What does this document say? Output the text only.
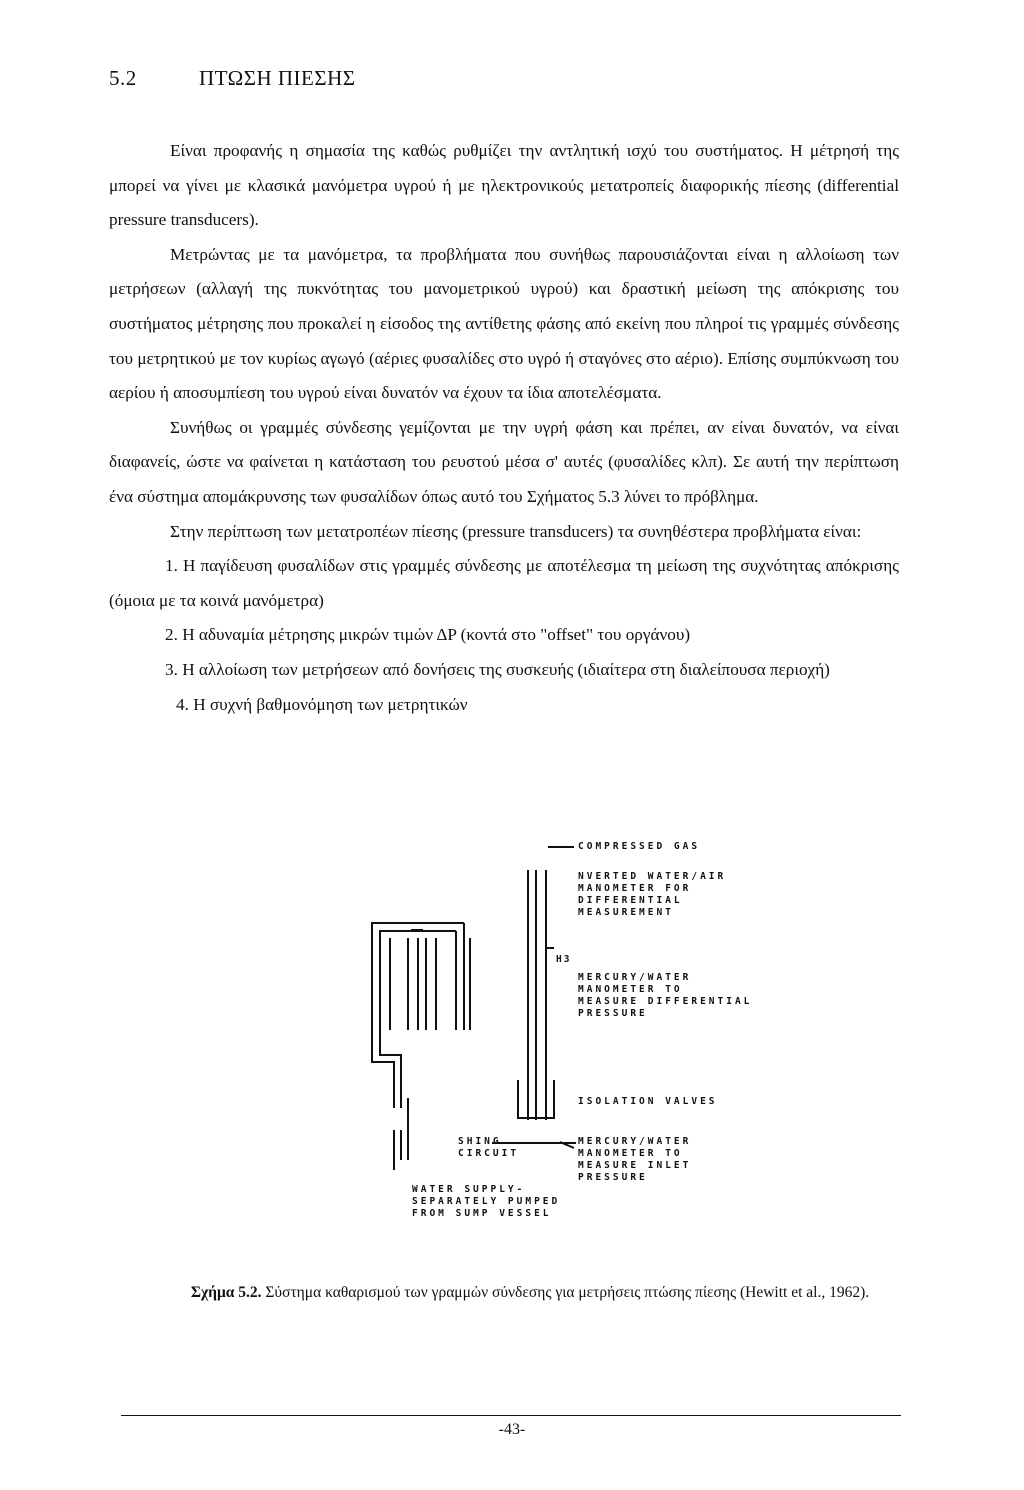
5.2	ΠΤΩΣΗ ΠΙΕΣΗΣ

Είναι προφανής η σημασία της καθώς ρυθμίζει την αντλητική ισχύ του συστήματος. Η μέτρησή της μπορεί να γίνει με κλασικά μανόμετρα υγρού ή με ηλεκτρονικούς μετατροπείς διαφορικής πίεσης (differential pressure transducers).

Μετρώντας με τα μανόμετρα, τα προβλήματα που συνήθως παρουσιάζονται είναι η αλλοίωση των μετρήσεων (αλλαγή της πυκνότητας του μανομετρικού υγρού) και δραστική μείωση της απόκρισης του συστήματος μέτρησης που προκαλεί η είσοδος της αντίθετης φάσης από εκείνη που πληροί τις γραμμές σύνδεσης του μετρητικού με τον κυρίως αγωγό (αέριες φυσαλίδες στο υγρό ή σταγόνες στο αέριο). Επίσης συμπύκνωση του αερίου ή αποσυμπίεση του υγρού είναι δυνατόν να έχουν τα ίδια αποτελέσματα.

Συνήθως οι γραμμές σύνδεσης γεμίζονται με την υγρή φάση και πρέπει, αν είναι δυνατόν, να είναι διαφανείς, ώστε να φαίνεται η κατάσταση του ρευστού μέσα σ' αυτές (φυσαλίδες κλπ). Σε αυτή την περίπτωση ένα σύστημα απομάκρυνσης των φυσαλίδων όπως αυτό του Σχήματος 5.3 λύνει το πρόβλημα.

Στην περίπτωση των μετατροπέων πίεσης (pressure transducers) τα συνηθέστερα προβλήματα είναι:

1. Η παγίδευση φυσαλίδων στις γραμμές σύνδεσης με αποτέλεσμα τη μείωση της συχνότητας απόκρισης (όμοια με τα κοινά μανόμετρα)

2. Η αδυναμία μέτρησης μικρών τιμών ΔP (κοντά στο "offset" του οργάνου)

3. Η αλλοίωση των μετρήσεων από δονήσεις της συσκευής (ιδιαίτερα στη διαλείπουσα περιοχή)

4. Η συχνή βαθμονόμηση των μετρητικών

COMPRESSED GAS
NVERTED WATER/AIR
MANOMETER FOR
DIFFERENTIAL
MEASUREMENT
H3
MERCURY/WATER
MANOMETER TO
MEASURE DIFFERENTIAL
PRESSURE
ISOLATION VALVES
SHING
CIRCUIT
MERCURY/WATER
MANOMETER TO
MEASURE INLET
PRESSURE
WATER SUPPLY-
SEPARATELY PUMPED
FROM SUMP VESSEL
Σχήμα 5.2. Σύστημα καθαρισμού των γραμμών σύνδεσης για μετρήσεις πτώσης πίεσης (Hewitt et al., 1962).
-43-
